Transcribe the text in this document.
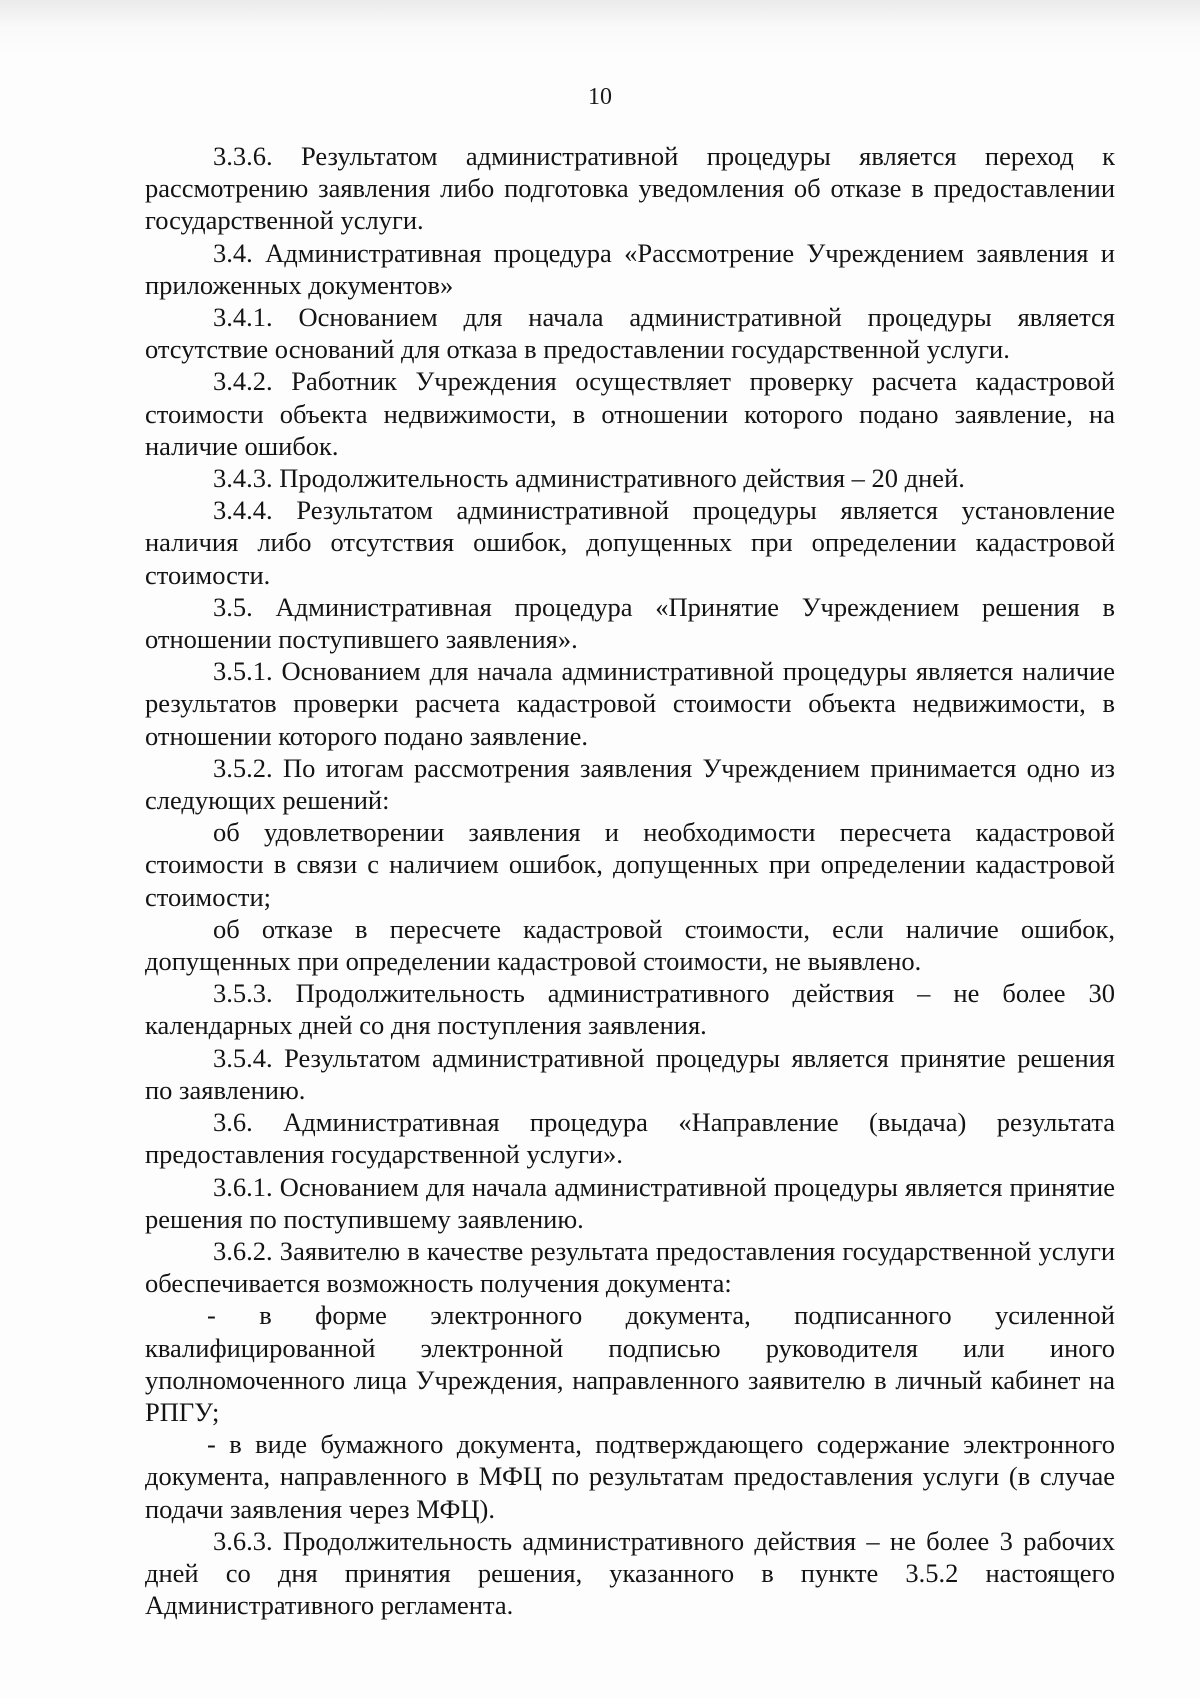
10

3.3.6. Результатом административной процедуры является переход к рассмотрению заявления либо подготовка уведомления об отказе в предоставлении государственной услуги.

3.4. Административная процедура «Рассмотрение Учреждением заявления и приложенных документов»

3.4.1. Основанием для начала административной процедуры является отсутствие оснований для отказа в предоставлении государственной услуги.

3.4.2. Работник Учреждения осуществляет проверку расчета кадастровой стоимости объекта недвижимости, в отношении которого подано заявление, на наличие ошибок.

3.4.3. Продолжительность административного действия – 20 дней.

3.4.4. Результатом административной процедуры является установление наличия либо отсутствия ошибок, допущенных при определении кадастровой стоимости.

3.5. Административная процедура «Принятие Учреждением решения в отношении поступившего заявления».

3.5.1. Основанием для начала административной процедуры является наличие результатов проверки расчета кадастровой стоимости объекта недвижимости, в отношении которого подано заявление.

3.5.2. По итогам рассмотрения заявления Учреждением принимается одно из следующих решений:

об удовлетворении заявления и необходимости пересчета кадастровой стоимости в связи с наличием ошибок, допущенных при определении кадастровой стоимости;

об отказе в пересчете кадастровой стоимости, если наличие ошибок, допущенных при определении кадастровой стоимости, не выявлено.

3.5.3. Продолжительность административного действия – не более 30 календарных дней со дня поступления заявления.

3.5.4. Результатом административной процедуры является принятие решения по заявлению.

3.6. Административная процедура «Направление (выдача) результата предоставления государственной услуги».

3.6.1. Основанием для начала административной процедуры является принятие решения по поступившему заявлению.

3.6.2. Заявителю в качестве результата предоставления государственной услуги обеспечивается возможность получения документа:

- в форме электронного документа, подписанного усиленной квалифицированной электронной подписью руководителя или иного уполномоченного лица Учреждения, направленного заявителю в личный кабинет на РПГУ;

- в виде бумажного документа, подтверждающего содержание электронного документа, направленного в МФЦ по результатам предоставления услуги (в случае подачи заявления через МФЦ).

3.6.3. Продолжительность административного действия – не более 3 рабочих дней со дня принятия решения, указанного в пункте 3.5.2 настоящего Административного регламента.
